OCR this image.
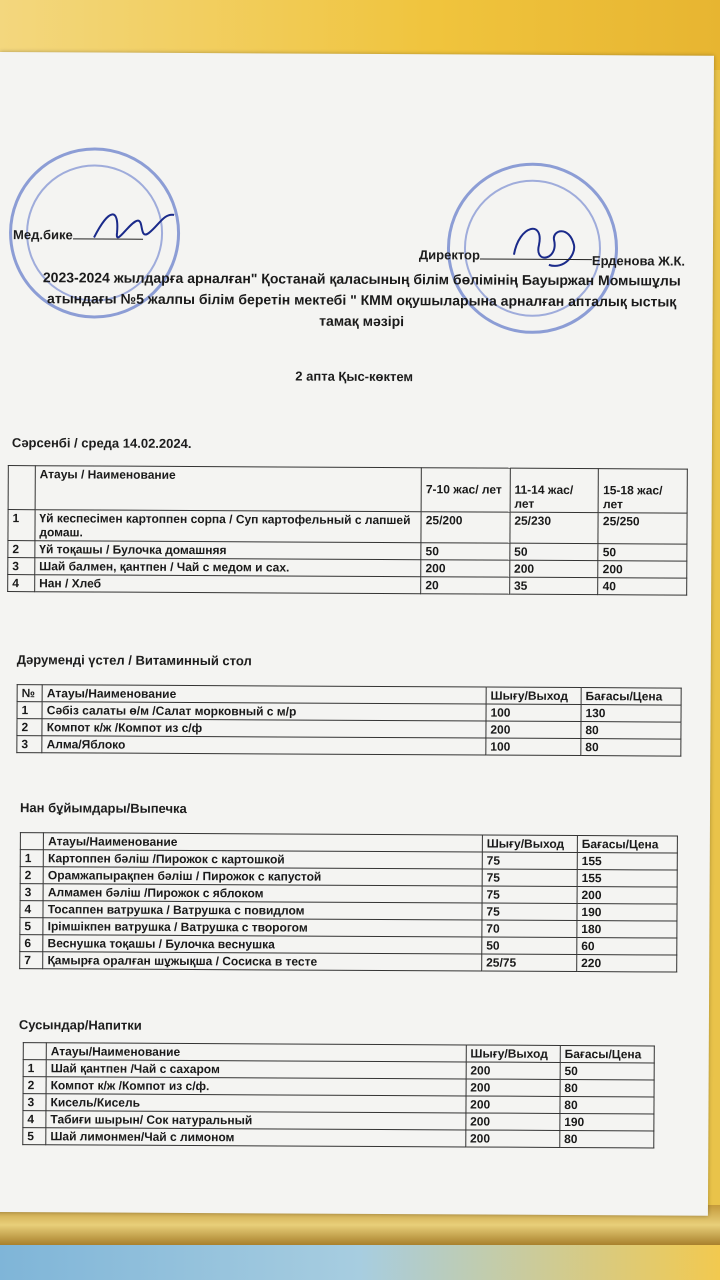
Мед.бике
Директор	Ерденова Ж.К.
2023-2024 жылдарға арналған" Қостанай қаласының білім бөлімінің Бауыржан Момышұлы
атындағы №5 жалпы білім беретін мектебі " КММ оқушыларына арналған апталық ыстық
тамақ мәзірі
2 апта Қыс-көктем
Сәрсенбі / среда 14.02.2024.
	Атауы / Наименование	7-10 жас/ лет	11-14 жас/ лет	15-18 жас/ лет
1	Үй кеспесімен картоппен сорпа / Суп картофельный с лапшей домаш.	25/200	25/230	25/250
2	Үй тоқашы / Булочка домашняя	50	50	50
3	Шай балмен, қантпен / Чай с медом и сах.	200	200	200
4	Нан / Хлеб	20	35	40
Дәрумендi үстел / Витаминный стол
№	Атауы/Наименование	Шығу/Выход	Бағасы/Цена
1	Сәбіз салаты ө/м /Салат морковный с м/р	100	130
2	Компот к/ж /Компот из с/ф	200	80
3	Алма/Яблоко	100	80
Нан бұйымдары/Выпечка
	Атауы/Наименование	Шығу/Выход	Бағасы/Цена
1	Картоппен бәліш /Пирожок с картошкой	75	155
2	Орамжапырақпен бәліш / Пирожок с капустой	75	155
3	Алмамен бәліш /Пирожок с яблоком	75	200
4	Тосаппен ватрушка / Ватрушка с повидлом	75	190
5	Ірімшікпен ватрушка / Ватрушка с творогом	70	180
6	Веснушка тоқашы / Булочка веснушка	50	60
7	Қамырға оралған шұжықша / Сосиска в тесте	25/75	220
Сусындар/Напитки
	Атауы/Наименование	Шығу/Выход	Бағасы/Цена
1	Шай қантпен /Чай с сахаром	200	50
2	Компот к/ж /Компот из с/ф.	200	80
3	Кисель/Кисель	200	80
4	Табиғи шырын/ Сок натуральный	200	190
5	Шай лимонмен/Чай с лимоном	200	80
